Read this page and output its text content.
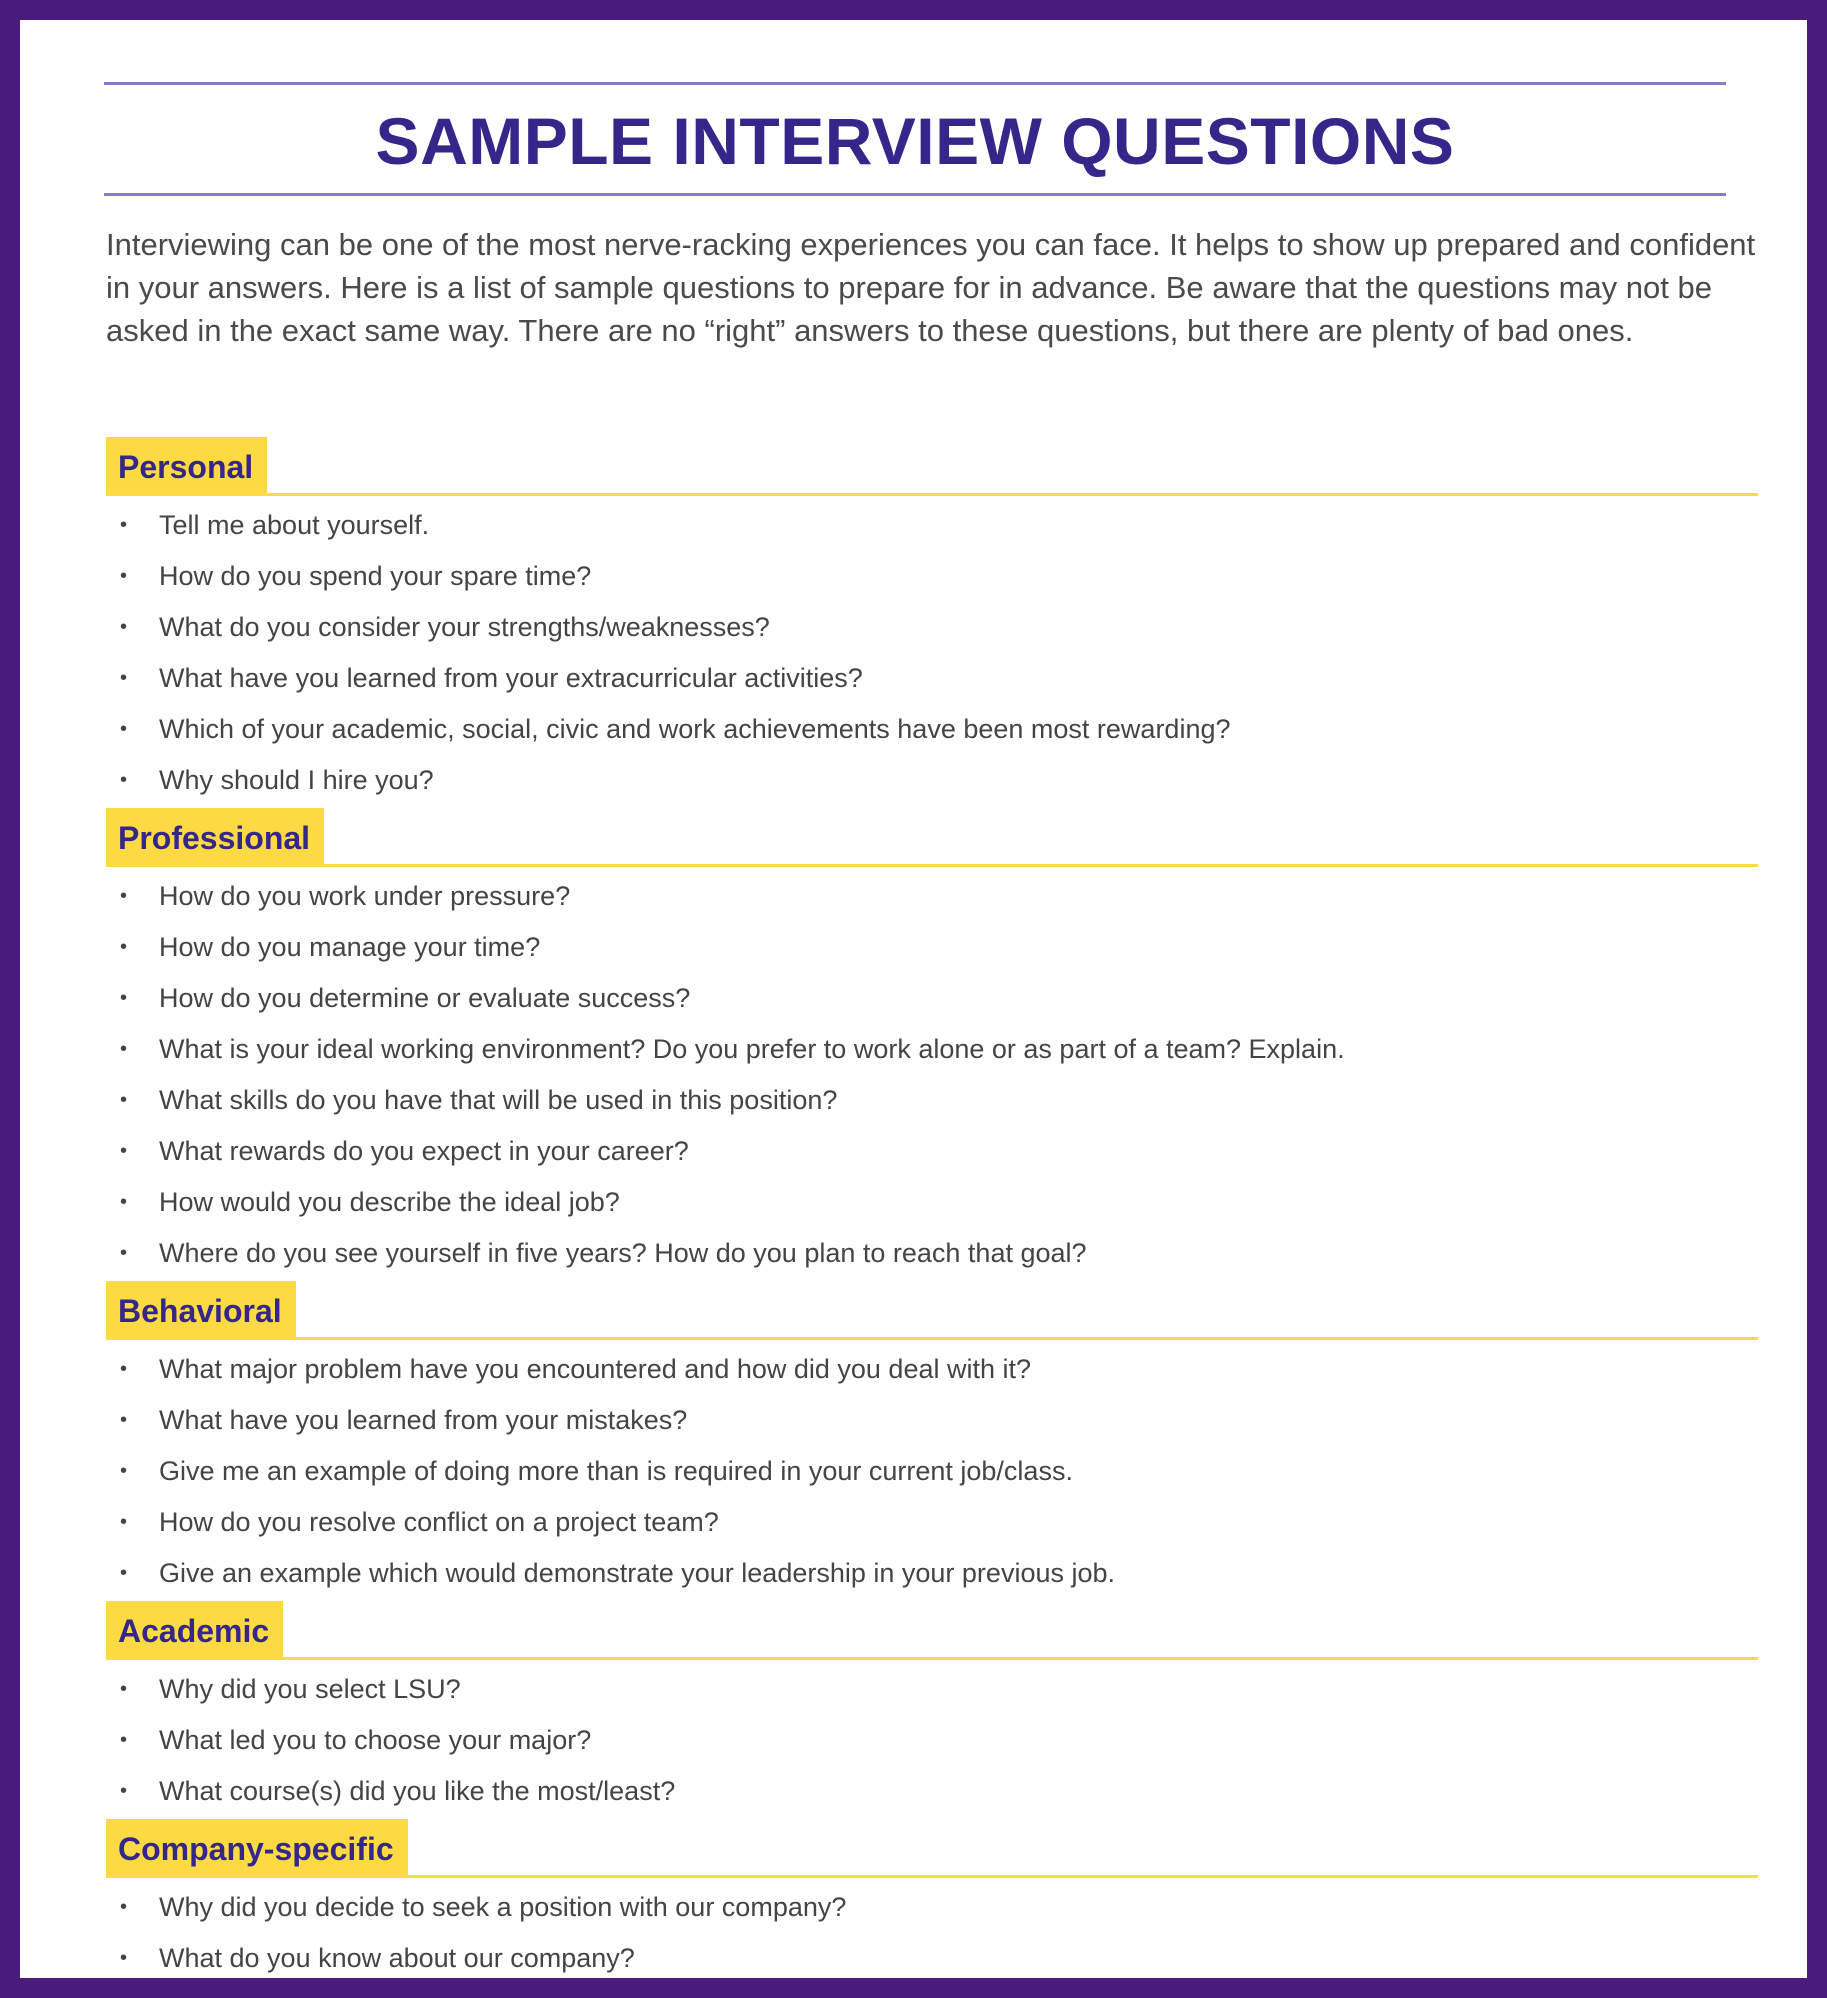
SAMPLE INTERVIEW QUESTIONS

Interviewing can be one of the most nerve-racking experiences you can face. It helps to show up prepared and confident in your answers. Here is a list of sample questions to prepare for in advance. Be aware that the questions may not be asked in the exact same way. There are no “right” answers to these questions, but there are plenty of bad ones.

Personal
• Tell me about yourself.
• How do you spend your spare time?
• What do you consider your strengths/weaknesses?
• What have you learned from your extracurricular activities?
• Which of your academic, social, civic and work achievements have been most rewarding?
• Why should I hire you?
Professional
• How do you work under pressure?
• How do you manage your time?
• How do you determine or evaluate success?
• What is your ideal working environment? Do you prefer to work alone or as part of a team? Explain.
• What skills do you have that will be used in this position?
• What rewards do you expect in your career?
• How would you describe the ideal job?
• Where do you see yourself in five years? How do you plan to reach that goal?
Behavioral
• What major problem have you encountered and how did you deal with it?
• What have you learned from your mistakes?
• Give me an example of doing more than is required in your current job/class.
• How do you resolve conflict on a project team?
• Give an example which would demonstrate your leadership in your previous job.
Academic
• Why did you select LSU?
• What led you to choose your major?
• What course(s) did you like the most/least?
Company-specific
• Why did you decide to seek a position with our company?
• What do you know about our company?
